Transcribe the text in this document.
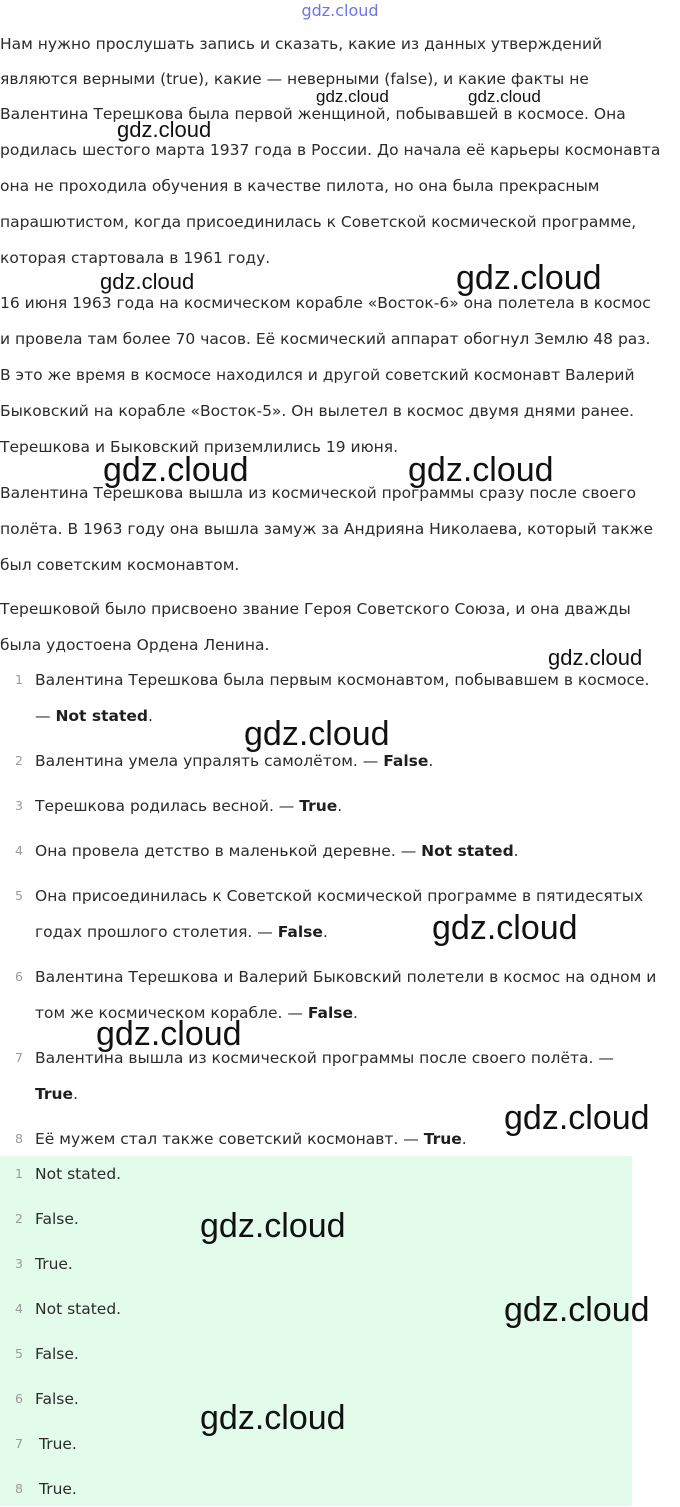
gdz.cloud
Нам нужно прослушать запись и сказать, какие из данных утверждений
являются верными (true), какие — неверными (false), и какие факты не
Валентина Терешкова была первой женщиной, побывавшей в космосе. Она
родилась шестого марта 1937 года в России. До начала её карьеры космонавта
она не проходила обучения в качестве пилота, но она была прекрасным
парашютистом, когда присоединилась к Советской космической программе,
которая стартовала в 1961 году.
16 июня 1963 года на космическом корабле «Восток-6» она полетела в космос
и провела там более 70 часов. Её космический аппарат обогнул Землю 48 раз.
В это же время в космосе находился и другой советский космонавт Валерий
Быковский на корабле «Восток-5». Он вылетел в космос двумя днями ранее.
Терешкова и Быковский приземлились 19 июня.
Валентина Терешкова вышла из космической программы сразу после своего
полёта. В 1963 году она вышла замуж за Андрияна Николаева, который также
был советским космонавтом.
Терешковой было присвоено звание Героя Советского Союза, и она дважды
была удостоена Ордена Ленина.
1 Валентина Терешкова была первым космонавтом, побывавшем в космосе.
— Not stated.
2 Валентина умела упралять самолётом. — False.
3 Терешкова родилась весной. — True.
4 Она провела детство в маленькой деревне. — Not stated.
5 Она присоединилась к Советской космической программе в пятидесятых
годах прошлого столетия. — False.
6 Валентина Терешкова и Валерий Быковский полетели в космос на одном и
том же космическом корабле. — False.
7 Валентина вышла из космической программы после своего полёта. —
True.
8 Её мужем стал также советский космонавт. — True.
1 Not stated.
2 False.
3 True.
4 Not stated.
5 False.
6 False.
7 True.
8 True.
gdz.cloud	gdz.cloud
gdz.cloud
gdz.cloud	gdz.cloud
gdz.cloud	gdz.cloud
gdz.cloud
gdz.cloud
gdz.cloud
gdz.cloud
gdz.cloud
gdz.cloud
gdz.cloud
gdz.cloud
